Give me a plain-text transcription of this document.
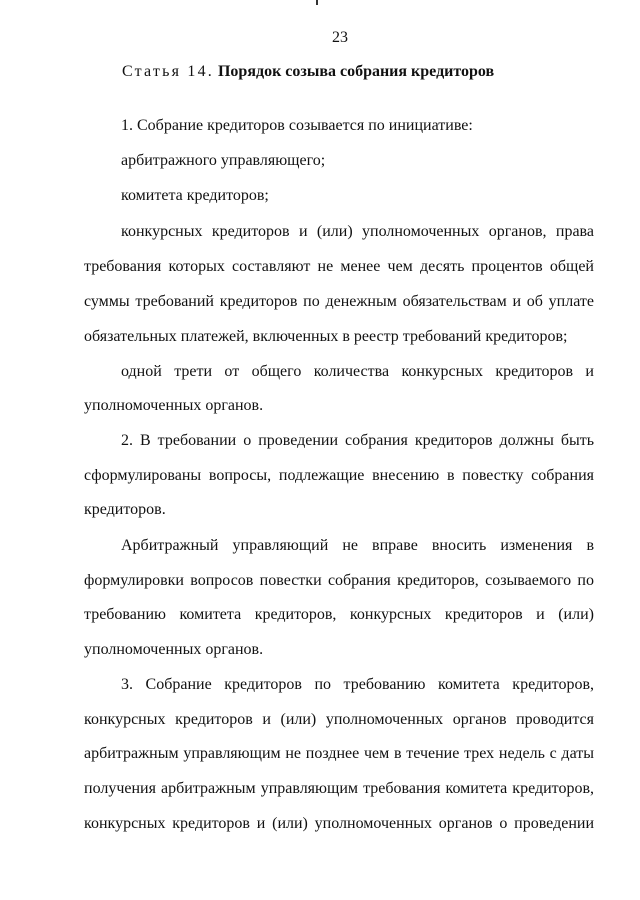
23
Статья 14. Порядок созыва собрания кредиторов
1. Собрание кредиторов созывается по инициативе:
арбитражного управляющего;
комитета кредиторов;
конкурсных кредиторов и (или) уполномоченных органов, права
требования которых составляют не менее чем десять процентов общей
суммы требований кредиторов по денежным обязательствам и об уплате
обязательных платежей, включенных в реестр требований кредиторов;
одной трети от общего количества конкурсных кредиторов и
уполномоченных органов.
2. В требовании о проведении собрания кредиторов должны быть
сформулированы вопросы, подлежащие внесению в повестку собрания
кредиторов.
Арбитражный управляющий не вправе вносить изменения в
формулировки вопросов повестки собрания кредиторов, созываемого по
требованию комитета кредиторов, конкурсных кредиторов и (или)
уполномоченных органов.
3. Собрание кредиторов по требованию комитета кредиторов,
конкурсных кредиторов и (или) уполномоченных органов проводится
арбитражным управляющим не позднее чем в течение трех недель с даты
получения арбитражным управляющим требования комитета кредиторов,
конкурсных кредиторов и (или) уполномоченных органов о проведении
